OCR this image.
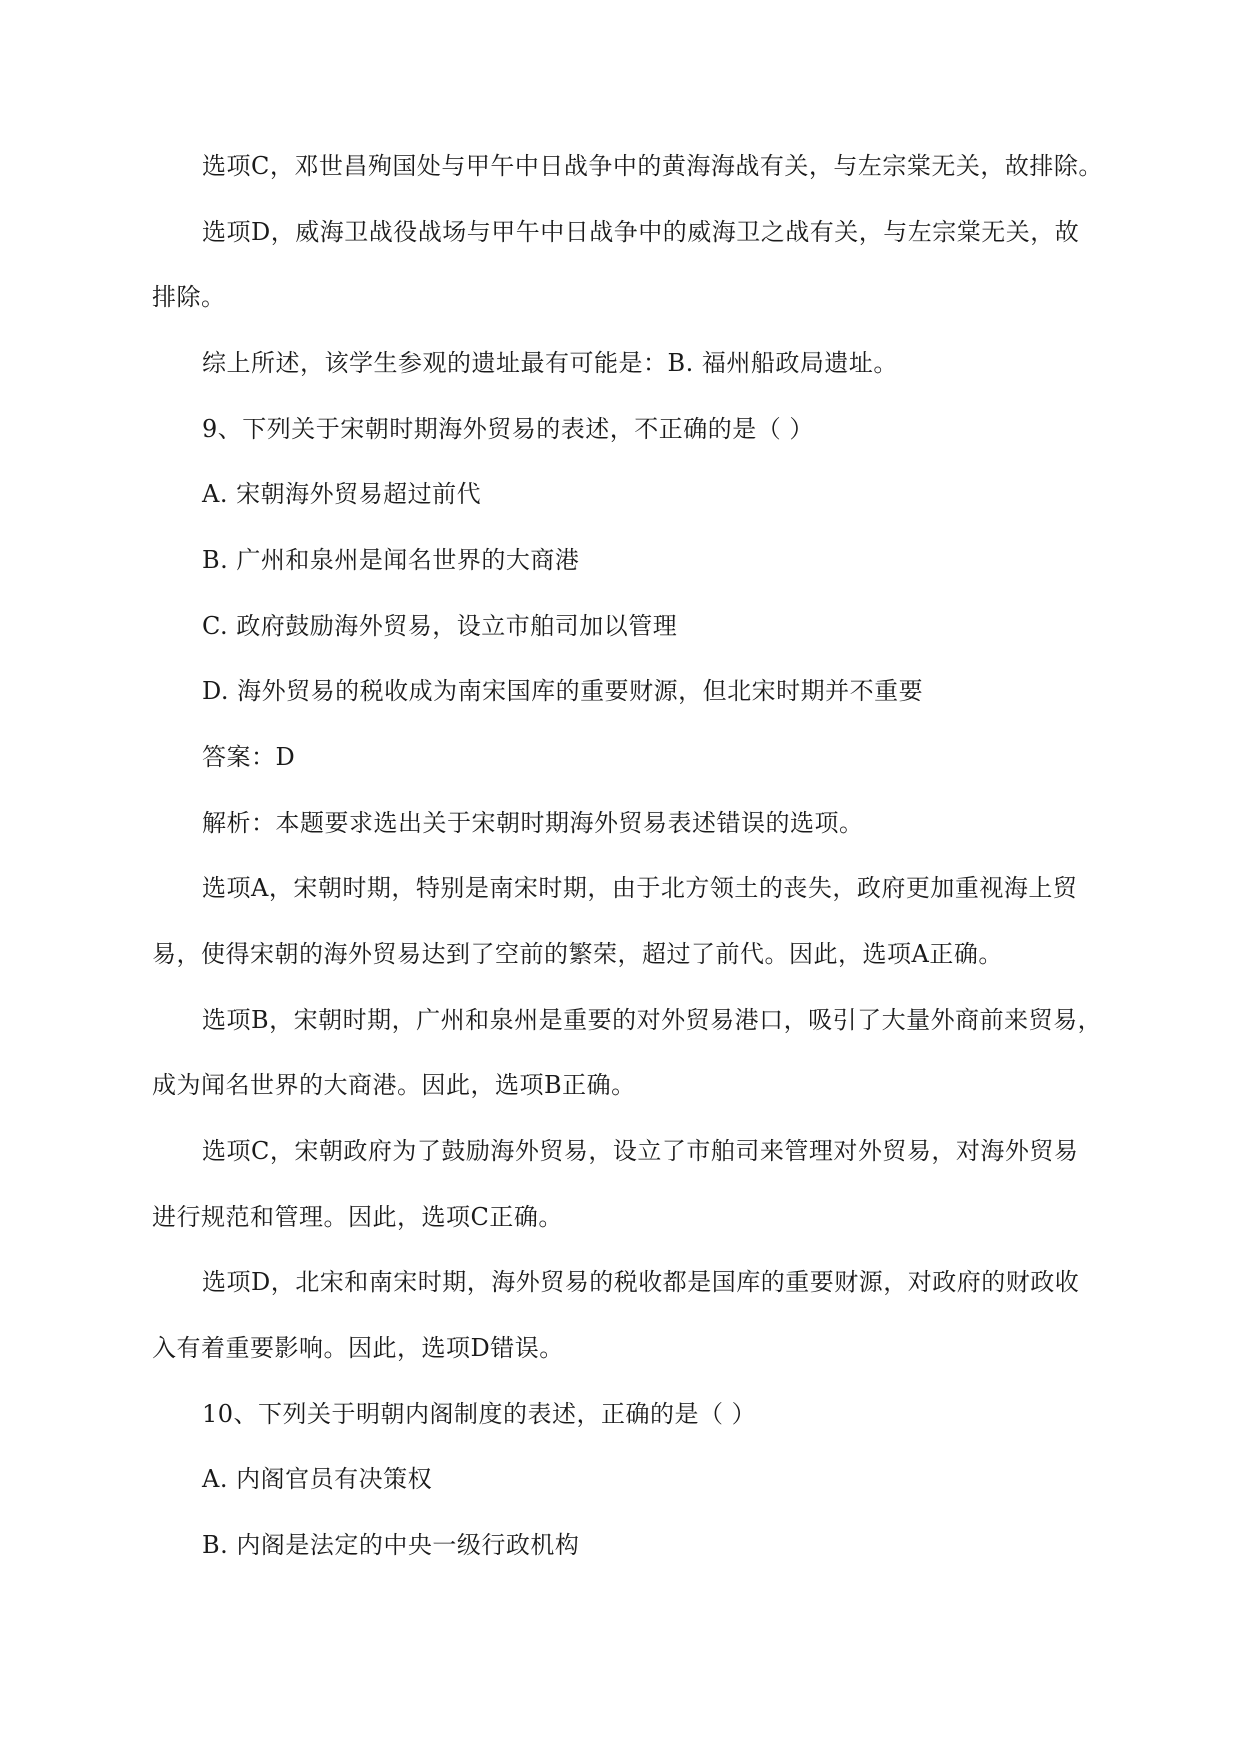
选项C，邓世昌殉国处与甲午中日战争中的黄海海战有关，与左宗棠无关，故排除。
选项D，威海卫战役战场与甲午中日战争中的威海卫之战有关，与左宗棠无关，故
排除。
综上所述，该学生参观的遗址最有可能是：B. 福州船政局遗址。
9、下列关于宋朝时期海外贸易的表述，不正确的是（ ）
A. 宋朝海外贸易超过前代
B. 广州和泉州是闻名世界的大商港
C. 政府鼓励海外贸易，设立市舶司加以管理
D. 海外贸易的税收成为南宋国库的重要财源，但北宋时期并不重要
答案：D
解析：本题要求选出关于宋朝时期海外贸易表述错误的选项。
选项A，宋朝时期，特别是南宋时期，由于北方领土的丧失，政府更加重视海上贸
易，使得宋朝的海外贸易达到了空前的繁荣，超过了前代。因此，选项A正确。
选项B，宋朝时期，广州和泉州是重要的对外贸易港口，吸引了大量外商前来贸易，
成为闻名世界的大商港。因此，选项B正确。
选项C，宋朝政府为了鼓励海外贸易，设立了市舶司来管理对外贸易，对海外贸易
进行规范和管理。因此，选项C正确。
选项D，北宋和南宋时期，海外贸易的税收都是国库的重要财源，对政府的财政收
入有着重要影响。因此，选项D错误。
10、下列关于明朝内阁制度的表述，正确的是（ ）
A. 内阁官员有决策权
B. 内阁是法定的中央一级行政机构
